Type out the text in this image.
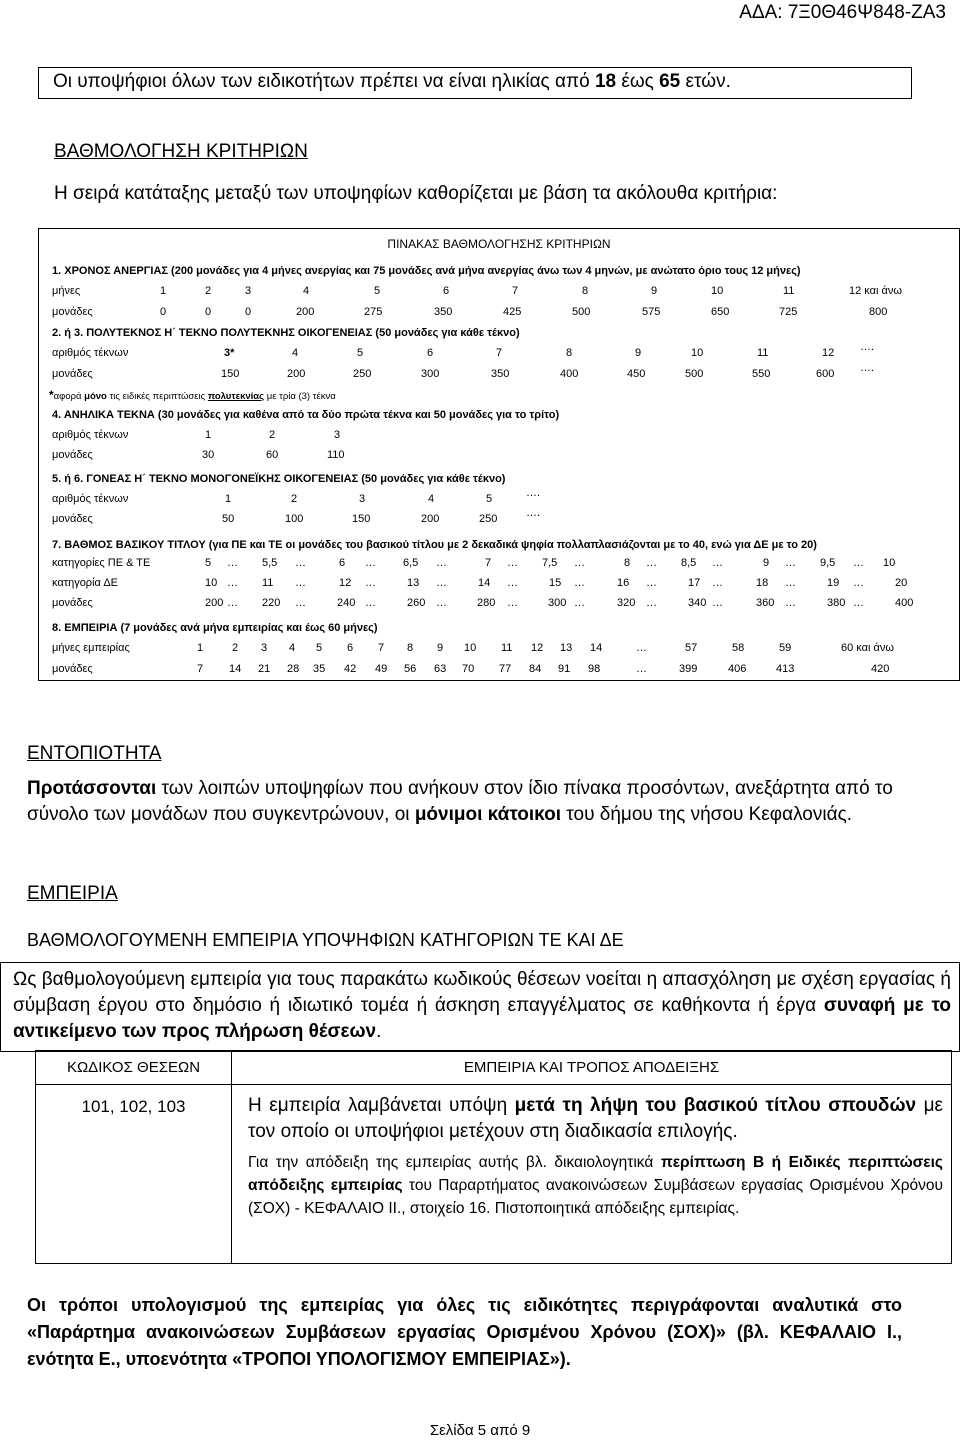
ΑΔΑ: 7Ξ0Θ46Ψ848-ΖΑ3
Οι υποψήφιοι όλων των ειδικοτήτων πρέπει να είναι ηλικίας από 18 έως 65 ετών.
ΒΑΘΜΟΛΟΓΗΣΗ ΚΡΙΤΗΡΙΩΝ
Η σειρά κατάταξης μεταξύ των υποψηφίων καθορίζεται με βάση τα ακόλουθα κριτήρια:
ΠΙΝΑΚΑΣ ΒΑΘΜΟΛΟΓΗΣΗΣ ΚΡΙΤΗΡΙΩΝ
1. ΧΡΟΝΟΣ ΑΝΕΡΓΙΑΣ (200 μονάδες για 4 μήνες ανεργίας και 75 μονάδες ανά μήνα ανεργίας άνω των 4 μηνών, με ανώτατο όριο τους 12 μήνες)
μήνες	1	2	3	4	5	6	7	8	9	10	11	12 και άνω
μονάδες	0	0	0	200	275	350	425	500	575	650	725	800
2. ή 3. ΠΟΛΥΤΕΚΝΟΣ Η΄ ΤΕΚΝΟ ΠΟΛΥΤΕΚΝΗΣ ΟΙΚΟΓΕΝΕΙΑΣ (50 μονάδες για κάθε τέκνο)
αριθμός τέκνων	3*	4	5	6	7	8	9	10	11	12 ….
μονάδες	150	200	250	300	350	400	450	500	550	600 ….
*αφορά μόνο τις ειδικές περιπτώσεις πολυτεκνίας με τρία (3) τέκνα
4. ΑΝΗΛΙΚΑ ΤΕΚΝΑ (30 μονάδες για καθένα από τα δύο πρώτα τέκνα και 50 μονάδες για το τρίτο)
αριθμός τέκνων	1	2	3
μονάδες	30	60	110
5. ή 6. ΓΟΝΕΑΣ Η΄ ΤΕΚΝΟ ΜΟΝΟΓΟΝΕΪΚΗΣ ΟΙΚΟΓΕΝΕΙΑΣ (50 μονάδες για κάθε τέκνο)
αριθμός τέκνων	1	2	3	4	5	….
μονάδες	50	100	150	200	250	….
7. ΒΑΘΜΟΣ ΒΑΣΙΚΟΥ ΤΙΤΛΟΥ (για ΠΕ και ΤΕ οι μονάδες του βασικού τίτλου με 2 δεκαδικά ψηφία πολλαπλασιάζονται με το 40, ενώ για ΔΕ με το 20)
κατηγορίες ΠΕ & ΤΕ	5 … 5,5 …	6 … 6,5 …	7 … 7,5 …	8 … 8,5 …	9 … 9,5 … 10
κατηγορία ΔΕ	10 … 11 …	12 …	13 …	14 …	15 …	16 …	17 …	18 …	19 …	20
μονάδες	200 … 220 …	240 …	260 …	280 …	300 …	320 …	340 …	360 …	380 …	400
8. ΕΜΠΕΙΡΙΑ (7 μονάδες ανά μήνα εμπειρίας και έως 60 μήνες)
μήνες εμπειρίας	1	2 3 4 5 6 7 8 9 10 11 12 13 14	…	57	58	59	60 και άνω
μονάδες	7 14 21 28 35 42 49 56 63 70 77 84 91 98	…	399	406	413	420
ΕΝΤΟΠΙΟΤΗΤΑ
Προτάσσονται των λοιπών υποψηφίων που ανήκουν στον ίδιο πίνακα προσόντων, ανεξάρτητα από το σύνολο των μονάδων που συγκεντρώνουν, οι μόνιμοι κάτοικοι του δήμου της νήσου Κεφαλονιάς.
ΕΜΠΕΙΡΙΑ
ΒΑΘΜΟΛΟΓΟΥΜΕΝΗ ΕΜΠΕΙΡΙΑ ΥΠΟΨΗΦΙΩΝ ΚΑΤΗΓΟΡΙΩΝ ΤΕ ΚΑΙ ΔΕ
Ως βαθμολογούμενη εμπειρία για τους παρακάτω κωδικούς θέσεων νοείται η απασχόληση με σχέση εργασίας ή σύμβαση έργου στο δημόσιο ή ιδιωτικό τομέα ή άσκηση επαγγέλματος σε καθήκοντα ή έργα συναφή με το αντικείμενο των προς πλήρωση θέσεων.
ΚΩΔΙΚΟΣ ΘΕΣΕΩΝ	ΕΜΠΕΙΡΙΑ ΚΑΙ ΤΡΟΠΟΣ ΑΠΟΔΕΙΞΗΣ
101, 102, 103	Η εμπειρία λαμβάνεται υπόψη μετά τη λήψη του βασικού τίτλου σπουδών με τον οποίο οι υποψήφιοι μετέχουν στη διαδικασία επιλογής.
Για την απόδειξη της εμπειρίας αυτής βλ. δικαιολογητικά περίπτωση Β ή Ειδικές περιπτώσεις απόδειξης εμπειρίας του Παραρτήματος ανακοινώσεων Συμβάσεων εργασίας Ορισμένου Χρόνου (ΣΟΧ) - ΚΕΦΑΛΑΙΟ ΙΙ., στοιχείο 16. Πιστοποιητικά απόδειξης εμπειρίας.
Οι τρόποι υπολογισμού της εμπειρίας για όλες τις ειδικότητες περιγράφονται αναλυτικά στο «Παράρτημα ανακοινώσεων Συμβάσεων εργασίας Ορισμένου Χρόνου (ΣΟΧ)» (βλ. ΚΕΦΑΛΑΙΟ Ι., ενότητα Ε., υποενότητα «ΤΡΟΠΟΙ ΥΠΟΛΟΓΙΣΜΟΥ ΕΜΠΕΙΡΙΑΣ»).
Σελίδα 5 από 9
